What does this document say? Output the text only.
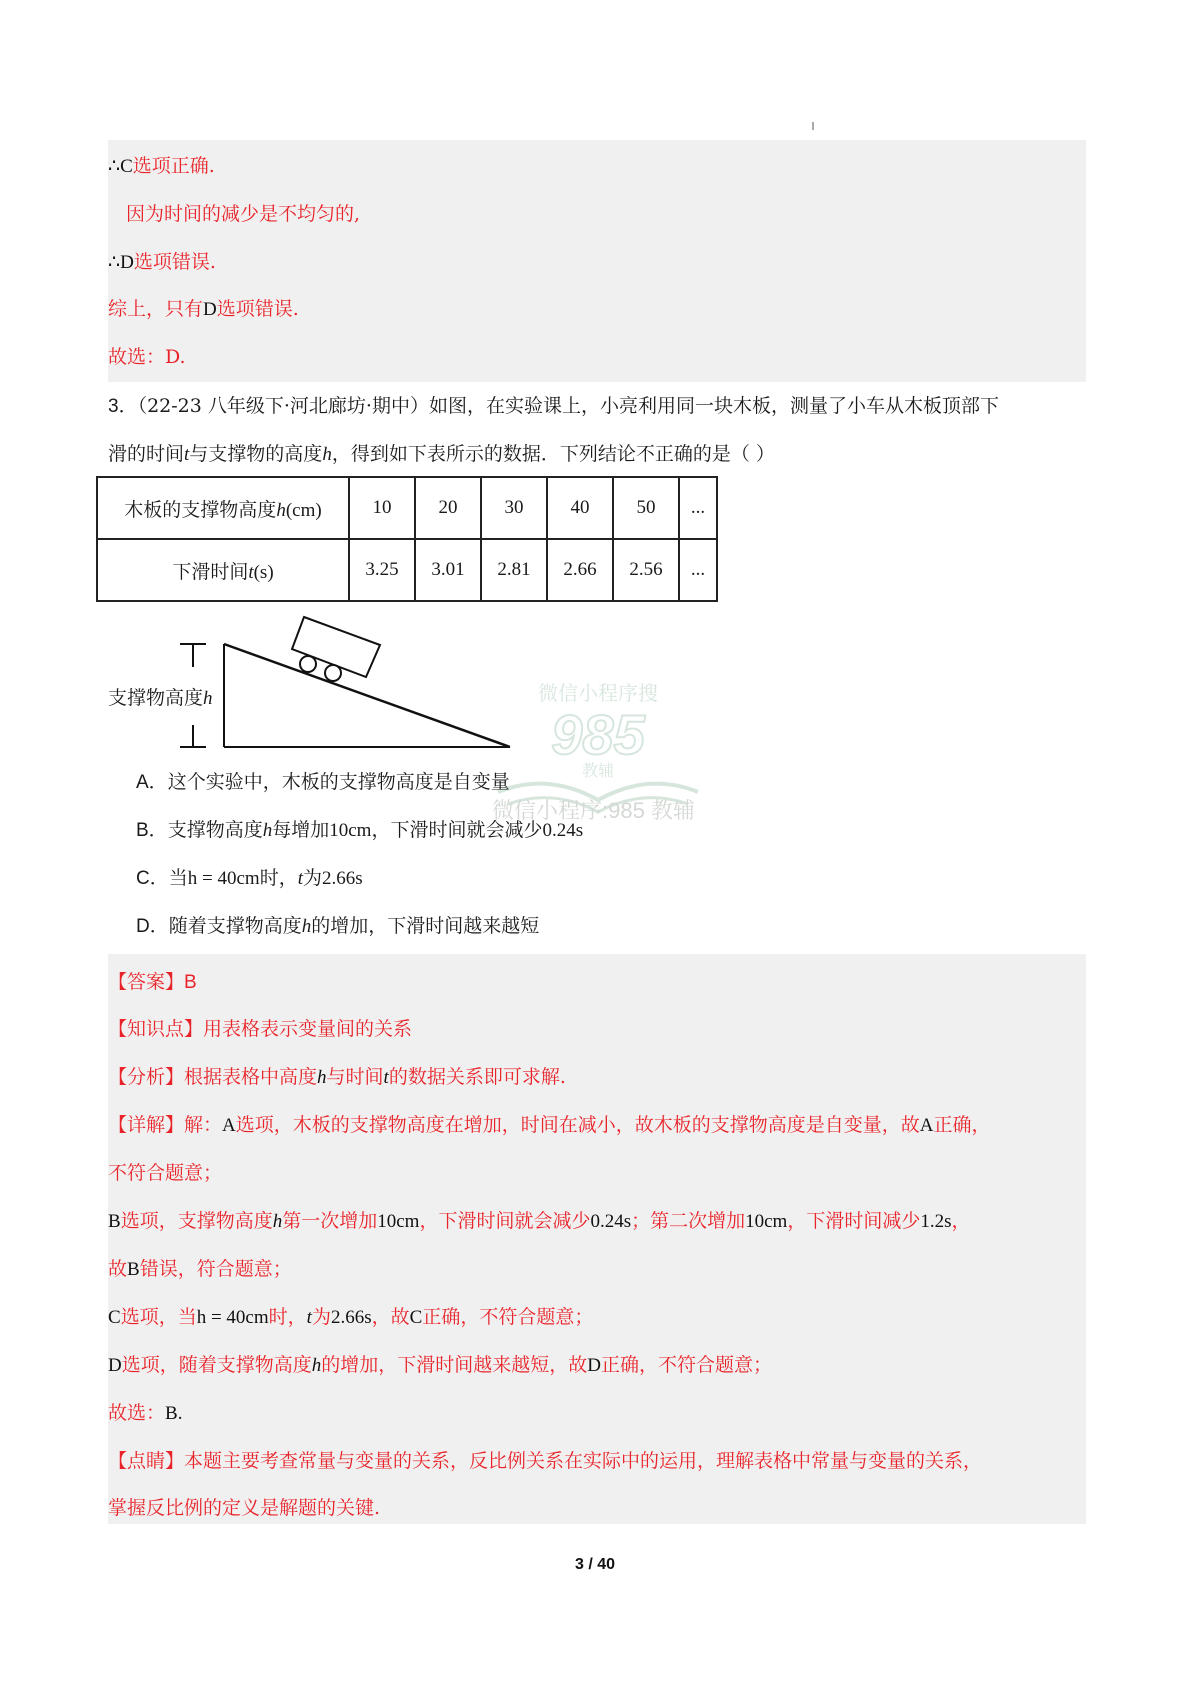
∴C选项正确.
因为时间的减少是不均匀的,
∴D选项错误.
综上，只有D选项错误.
故选：D.
3．（22-23 八年级下·河北廊坊·期中）如图，在实验课上，小亮利用同一块木板，测量了小车从木板顶部下
滑的时间t与支撑物的高度h，得到如下表所示的数据．下列结论不正确的是（ ）
木板的支撑物高度h(cm)	10	20	30	40	50	...
下滑时间t(s)	3.25	3.01	2.81	2.66	2.56	...
支撑物高度h	微信小程序搜
985
教辅
微信小程序:985 教辅
A．这个实验中，木板的支撑物高度是自变量
B．支撑物高度h每增加10cm，下滑时间就会减少0.24s
C．当h = 40cm时，t为2.66s
D．随着支撑物高度h的增加，下滑时间越来越短
【答案】B
【知识点】用表格表示变量间的关系
【分析】根据表格中高度h与时间t的数据关系即可求解.
【详解】解：A选项，木板的支撑物高度在增加，时间在减小，故木板的支撑物高度是自变量，故A正确，
不符合题意；
B选项，支撑物高度h第一次增加10cm，下滑时间就会减少0.24s；第二次增加10cm，下滑时间减少1.2s，
故B错误，符合题意；
C选项，当h = 40cm时，t为2.66s，故C正确，不符合题意；
D选项，随着支撑物高度h的增加，下滑时间越来越短，故D正确，不符合题意；
故选：B.
【点睛】本题主要考查常量与变量的关系，反比例关系在实际中的运用，理解表格中常量与变量的关系，
掌握反比例的定义是解题的关键.
3 / 40
